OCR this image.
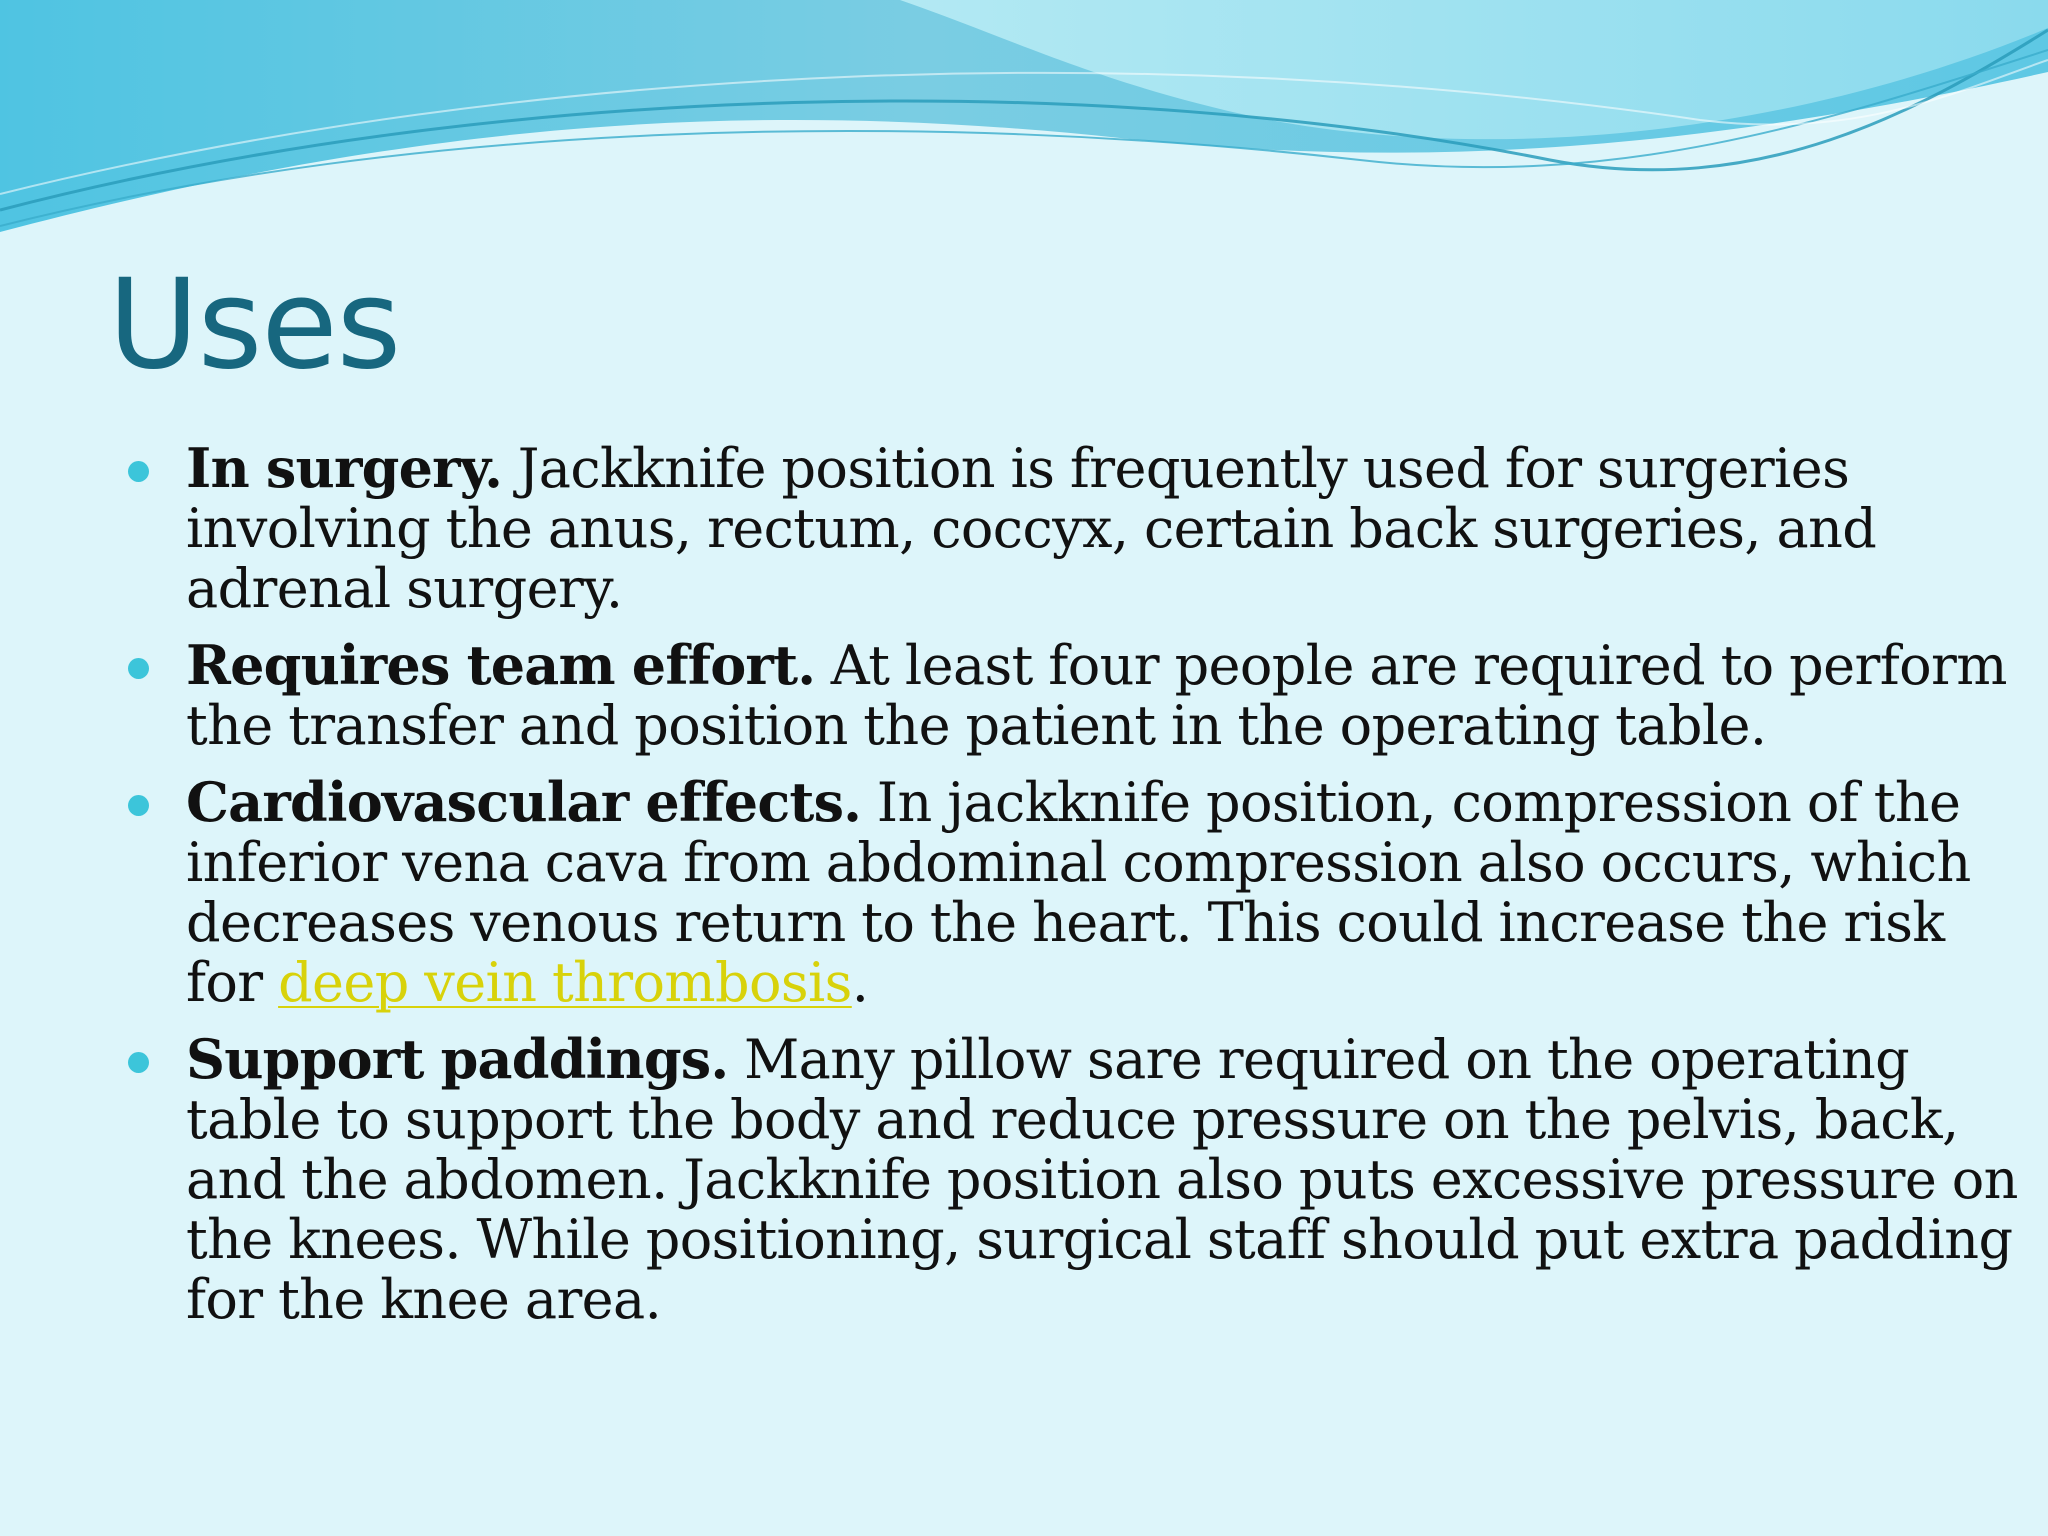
Uses
In surgery. Jackknife position is frequently used for surgeries involving the anus, rectum, coccyx, certain back surgeries, and adrenal surgery.
Requires team effort. At least four people are required to perform the transfer and position the patient in the operating table.
Cardiovascular effects. In jackknife position, compression of the inferior vena cava from abdominal compression also occurs, which decreases venous return to the heart. This could increase the risk for deep vein thrombosis.
Support paddings. Many pillow sare required on the operating table to support the body and reduce pressure on the pelvis, back, and the abdomen. Jackknife position also puts excessive pressure on the knees. While positioning, surgical staff should put extra padding for the knee area.
